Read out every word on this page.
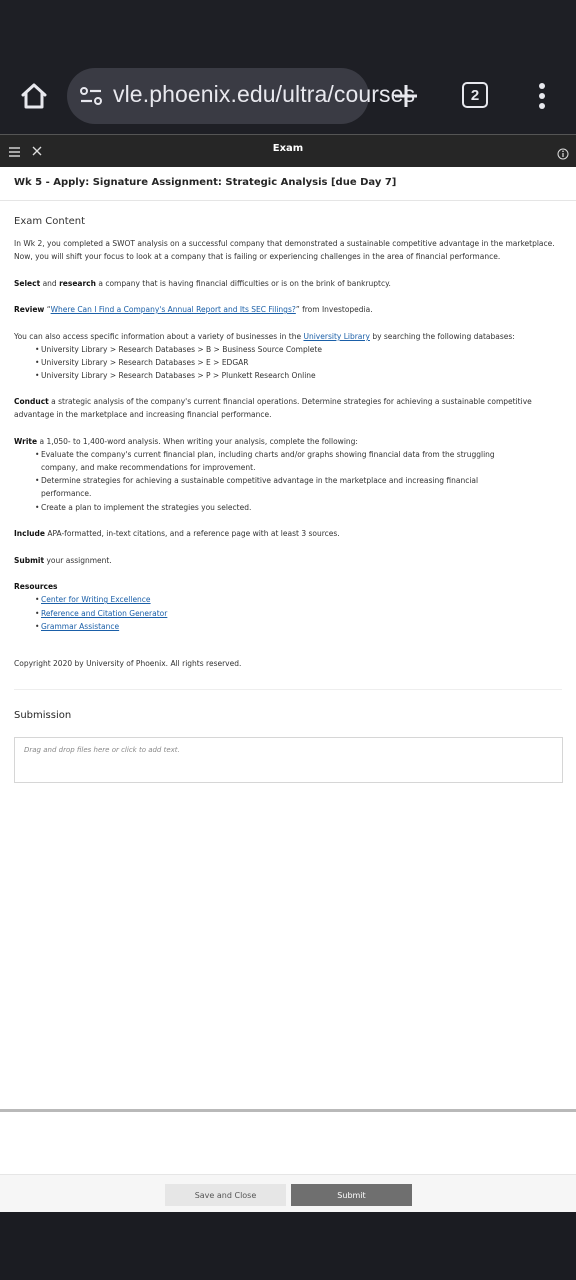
vle.phoenix.edu/ultra/courses	2
Exam
Wk 5 - Apply: Signature Assignment: Strategic Analysis [due Day 7]
Exam Content
In Wk 2, you completed a SWOT analysis on a successful company that demonstrated a sustainable competitive advantage in the marketplace. Now, you will shift your focus to look at a company that is failing or experiencing challenges in the area of financial performance.
Select and research a company that is having financial difficulties or is on the brink of bankruptcy.
Review “Where Can I Find a Company's Annual Report and Its SEC Filings?” from Investopedia.
You can also access specific information about a variety of businesses in the University Library by searching the following databases:
• University Library > Research Databases > B > Business Source Complete
• University Library > Research Databases > E > EDGAR
• University Library > Research Databases > P > Plunkett Research Online
Conduct a strategic analysis of the company's current financial operations. Determine strategies for achieving a sustainable competitive advantage in the marketplace and increasing financial performance.
Write a 1,050- to 1,400-word analysis. When writing your analysis, complete the following:
• Evaluate the company's current financial plan, including charts and/or graphs showing financial data from the struggling company, and make recommendations for improvement.
• Determine strategies for achieving a sustainable competitive advantage in the marketplace and increasing financial performance.
• Create a plan to implement the strategies you selected.
Include APA-formatted, in-text citations, and a reference page with at least 3 sources.
Submit your assignment.
Resources
• Center for Writing Excellence
• Reference and Citation Generator
• Grammar Assistance
Copyright 2020 by University of Phoenix. All rights reserved.
Submission
Drag and drop files here or click to add text.
Save and Close	Submit
